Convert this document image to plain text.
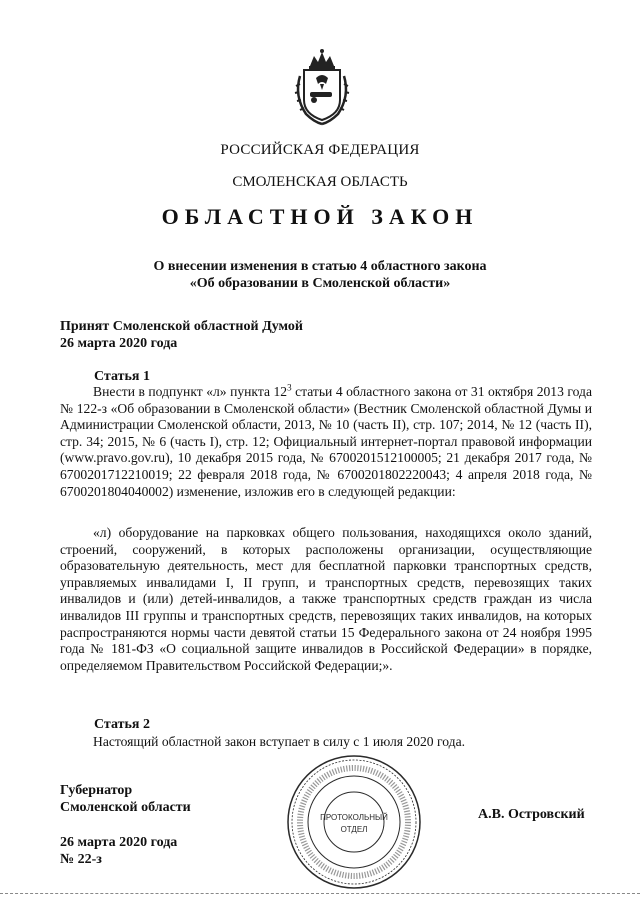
РОССИЙСКАЯ ФЕДЕРАЦИЯ
СМОЛЕНСКАЯ ОБЛАСТЬ
ОБЛАСТНОЙ ЗАКОН
О внесении изменения в статью 4 областного закона
«Об образовании в Смоленской области»
Принят Смоленской областной Думой
26 марта 2020 года
Статья 1
Внести в подпункт «л» пункта $12^3$ статьи 4 областного закона от 31 октября 2013 года № 122-з «Об образовании в Смоленской области» (Вестник Смоленской областной Думы и Администрации Смоленской области, 2013, № 10 (часть II), стр. 107; 2014, № 12 (часть II), стр. 34; 2015, № 6 (часть I), стр. 12; Официальный интернет-портал правовой информации (www.pravo.gov.ru), 10 декабря 2015 года, № 6700201512100005; 21 декабря 2017 года, № 6700201712210019; 22 февраля 2018 года, № 6700201802220043; 4 апреля 2018 года, № 6700201804040002) изменение, изложив его в следующей редакции:
«л) оборудование на парковках общего пользования, находящихся около зданий, строений, сооружений, в которых расположены организации, осуществляющие образовательную деятельность, мест для бесплатной парковки транспортных средств, управляемых инвалидами I, II групп, и транспортных средств, перевозящих таких инвалидов и (или) детей-инвалидов, а также транспортных средств граждан из числа инвалидов III группы и транспортных средств, перевозящих таких инвалидов, на которых распространяются нормы части девятой статьи 15 Федерального закона от 24 ноября 1995 года № 181-ФЗ «О социальной защите инвалидов в Российской Федерации» в порядке, определяемом Правительством Российской Федерации;».
Статья 2
Настоящий областной закон вступает в силу с 1 июля 2020 года.
Губернатор
Смоленской области	А.В. Островский
26 марта 2020 года
№ 22-з
ПРОТОКОЛЬНЫЙ
ОТДЕЛ
